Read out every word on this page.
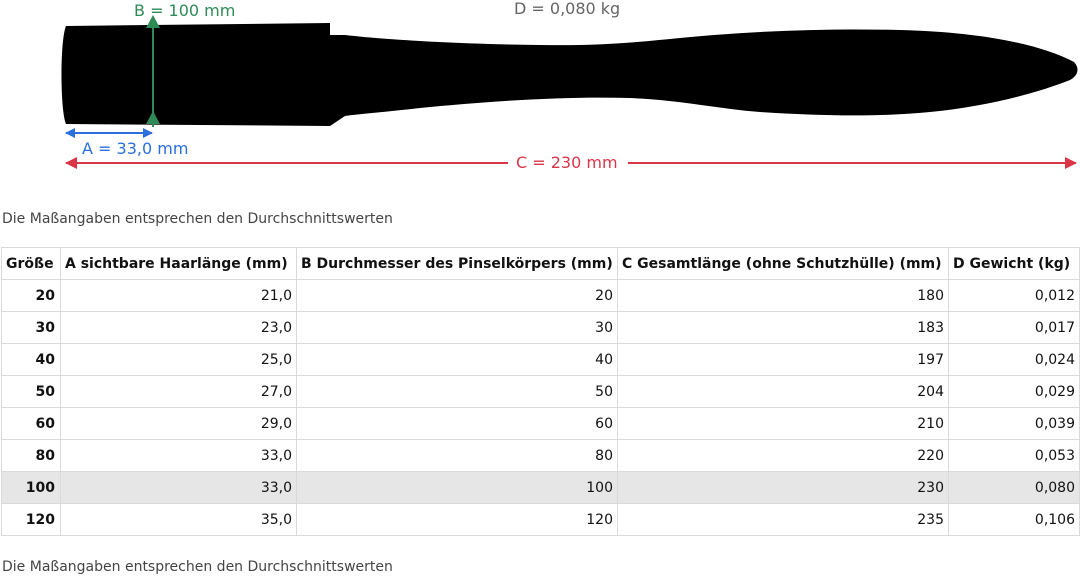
B = 100 mm	D = 0,080 kg
A = 33,0 mm
C = 230 mm
Die Maßangaben entsprechen den Durchschnittswerten
Größe	A sichtbare Haarlänge (mm)	B Durchmesser des Pinselkörpers (mm)	C Gesamtlänge (ohne Schutzhülle) (mm)	D Gewicht (kg)
20	21,0	20	180	0,012
30	23,0	30	183	0,017
40	25,0	40	197	0,024
50	27,0	50	204	0,029
60	29,0	60	210	0,039
80	33,0	80	220	0,053
100	33,0	100	230	0,080
120	35,0	120	235	0,106
Die Maßangaben entsprechen den Durchschnittswerten
